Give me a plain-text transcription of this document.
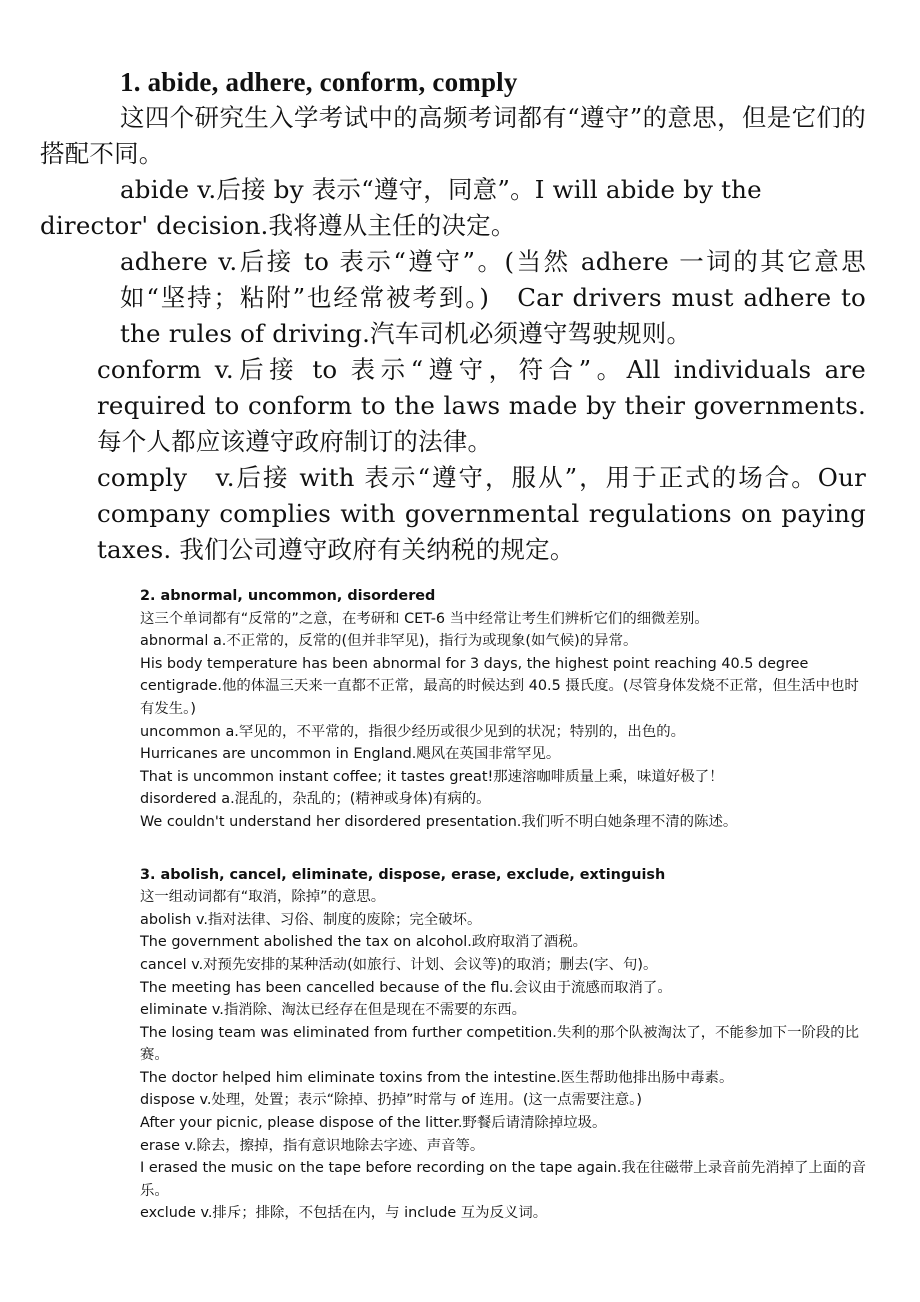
1. abide, adhere, conform, comply

这四个研究生入学考试中的高频考词都有“遵守”的意思，但是它们的搭配不同。

abide v.后接 by 表示“遵守，同意”。I will abide by the director' decision.我将遵从主任的决定。

adhere v.后接 to 表示“遵守”。(当然 adhere 一词的其它意思如“坚持；粘附”也经常被考到。)　Car drivers must adhere to the rules of driving.汽车司机必须遵守驾驶规则。

conform v.后接 to 表示“遵守，符合”。All individuals are required to conform to the laws made by their governments.每个人都应该遵守政府制订的法律。

comply　v.后接 with 表示“遵守，服从”，用于正式的场合。Our company complies with governmental regulations on paying taxes. 我们公司遵守政府有关纳税的规定。

2. abnormal, uncommon, disordered

这三个单词都有“反常的”之意，在考研和 CET-6 当中经常让考生们辨析它们的细微差别。

abnormal a.不正常的，反常的(但并非罕见)，指行为或现象(如气候)的异常。

His body temperature has been abnormal for 3 days, the highest point reaching 40.5 degree centigrade.他的体温三天来一直都不正常，最高的时候达到 40.5 摄氏度。(尽管身体发烧不正常，但生活中也时有发生。)

uncommon a.罕见的，不平常的，指很少经历或很少见到的状况；特别的，出色的。

Hurricanes are uncommon in England.飓风在英国非常罕见。

That is uncommon instant coffee; it tastes great!那速溶咖啡质量上乘，味道好极了！

disordered a.混乱的，杂乱的；(精神或身体)有病的。

We couldn't understand her disordered presentation.我们听不明白她条理不清的陈述。

3. abolish, cancel, eliminate, dispose, erase, exclude, extinguish

这一组动词都有“取消，除掉”的意思。

abolish v.指对法律、习俗、制度的废除；完全破坏。

The government abolished the tax on alcohol.政府取消了酒税。

cancel v.对预先安排的某种活动(如旅行、计划、会议等)的取消；删去(字、句)。

The meeting has been cancelled because of the flu.会议由于流感而取消了。

eliminate v.指消除、淘汰已经存在但是现在不需要的东西。

The losing team was eliminated from further competition.失利的那个队被淘汰了，不能参加下一阶段的比赛。

The doctor helped him eliminate toxins from the intestine.医生帮助他排出肠中毒素。

dispose v.处理，处置；表示“除掉、扔掉”时常与 of 连用。(这一点需要注意。)

After your picnic, please dispose of the litter.野餐后请清除掉垃圾。

erase v.除去，擦掉，指有意识地除去字迹、声音等。

I erased the music on the tape before recording on the tape again.我在往磁带上录音前先消掉了上面的音乐。

exclude v.排斥；排除，不包括在内，与 include 互为反义词。
